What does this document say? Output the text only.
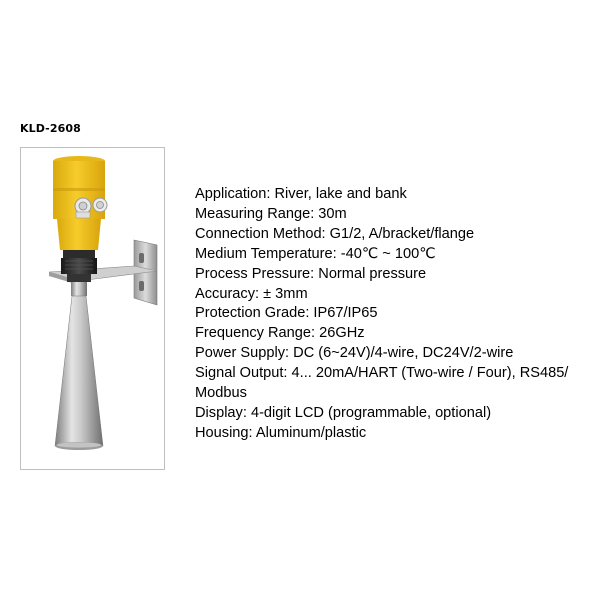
KLD-2608
Application: River, lake and bank
Measuring Range: 30m
Connection Method: G1/2, A/bracket/flange
Medium Temperature: -40℃ ~ 100℃
Process Pressure: Normal pressure
Accuracy: ± 3mm
Protection Grade: IP67/IP65
Frequency Range: 26GHz
Power Supply: DC (6~24V)/4-wire, DC24V/2-wire
Signal Output: 4... 20mA/HART (Two-wire / Four), RS485/ Modbus
Display: 4-digit LCD (programmable, optional)
Housing: Aluminum/plastic
